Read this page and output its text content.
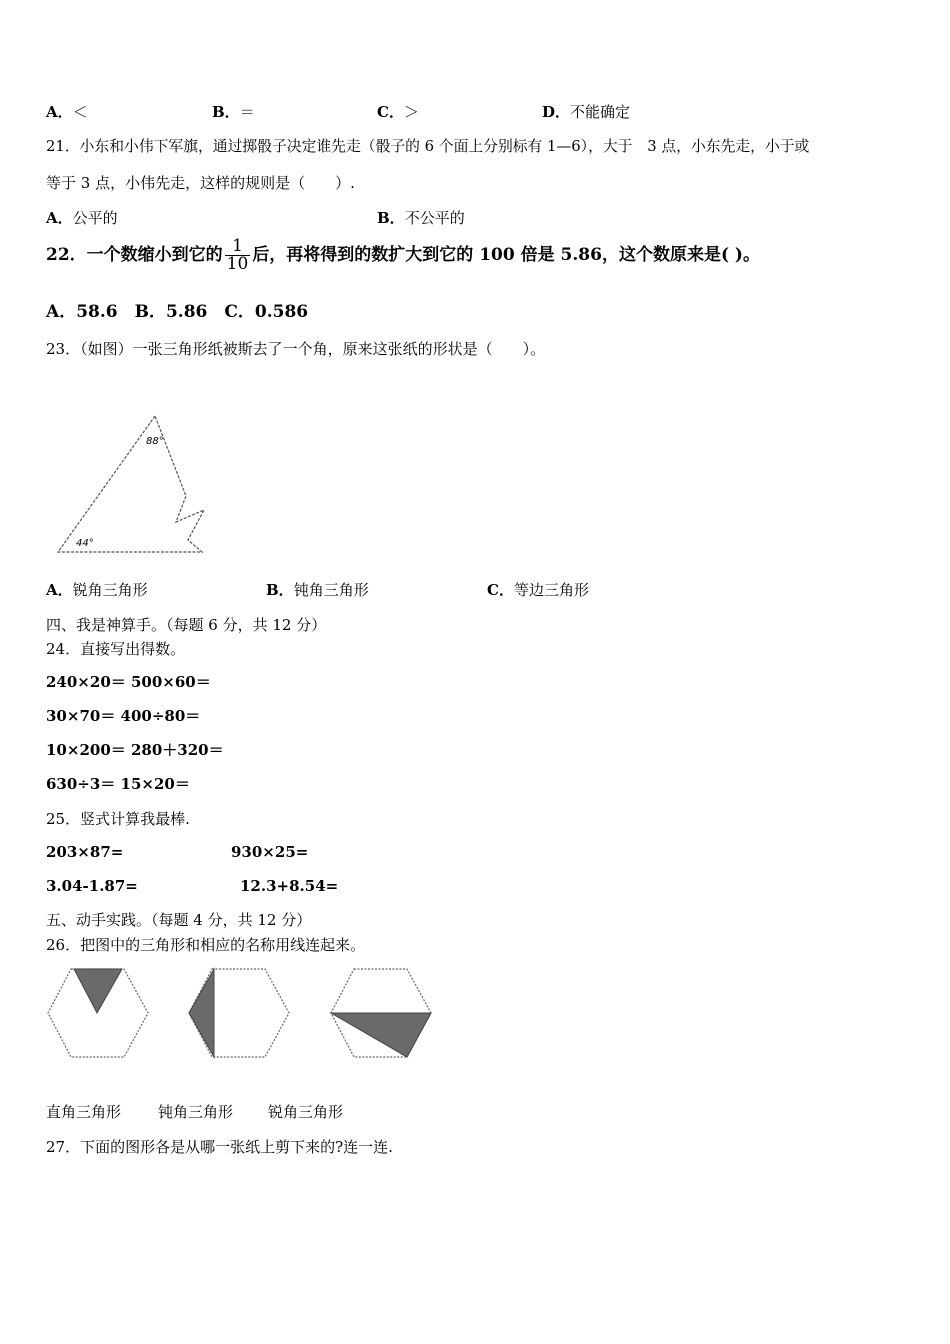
A．＜	B．＝	C．＞	D．不能确定
21．小东和小伟下军旗，通过掷骰子决定谁先走（骰子的 6 个面上分别标有 1—6），大于　3 点，小东先走，小于或
等于 3 点，小伟先走，这样的规则是（　　）.
A．公平的	B．不公平的
22．一个数缩小到它的 $\frac{1}{10}$ 后，再将得到的数扩大到它的 100 倍是 5.86，这个数原来是( )。
A．58.6　B．5.86　C．0.586
23．（如图）一张三角形纸被斯去了一个角，原来这张纸的形状是（　　）。
88°
44°
A．锐角三角形	B．钝角三角形	C．等边三角形
四、我是神算手。（每题 6 分，共 12 分）
24．直接写出得数。
240×20＝ 500×60＝
30×70＝ 400÷80＝
10×200＝ 280＋320＝
630÷3＝ 15×20＝
25．竖式计算我最棒.
203×87=	930×25=
3.04-1.87=	12.3+8.54=
五、动手实践。（每题 4 分，共 12 分）
26．把图中的三角形和相应的名称用线连起来。
直角三角形 钝角三角形 锐角三角形
27．下面的图形各是从哪一张纸上剪下来的?连一连.
